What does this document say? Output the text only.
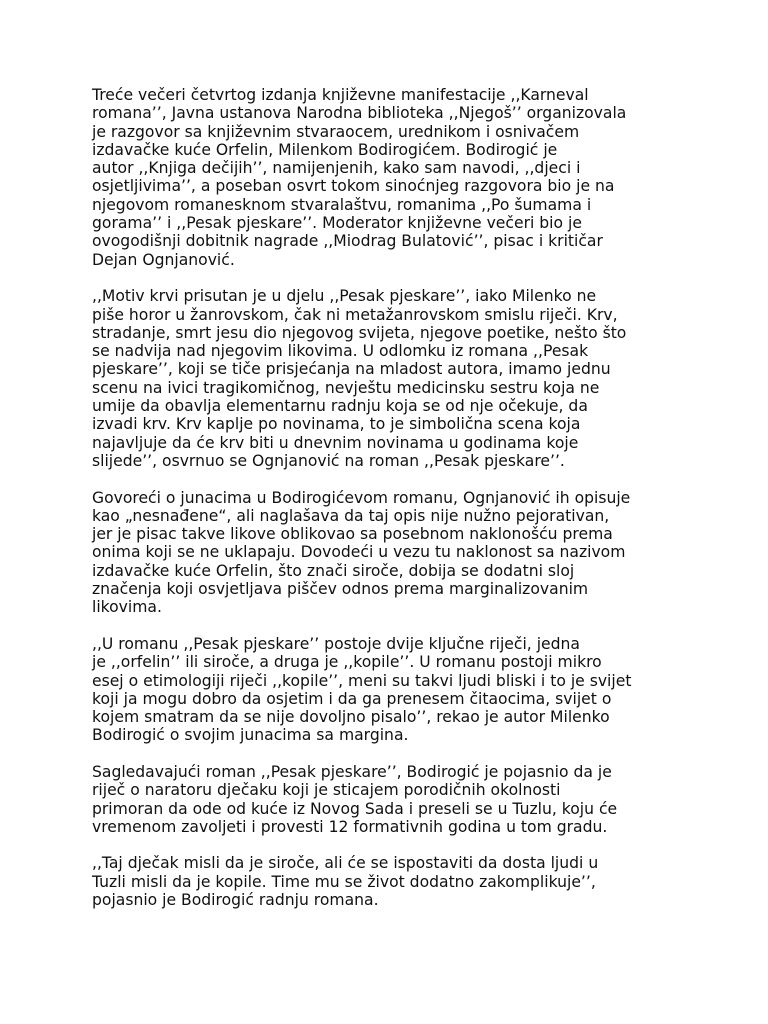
Treće večeri četvrtog izdanja književne manifestacije ,,Karneval
romana’’, Javna ustanova Narodna biblioteka ,,Njegoš’’ organizovala
je razgovor sa književnim stvaraocem, urednikom i osnivačem
izdavačke kuće Orfelin, Milenkom Bodirogićem. Bodirogić je
autor ,,Knjiga dečijih’’, namijenjenih, kako sam navodi, ,,djeci i
osjetljivima’’, a poseban osvrt tokom sinoćnjeg razgovora bio je na
njegovom romanesknom stvaralaštvu, romanima ,,Po šumama i
gorama’’ i ,,Pesak pjeskare’’. Moderator književne večeri bio je
ovogodišnji dobitnik nagrade ,,Miodrag Bulatović’’, pisac i kritičar
Dejan Ognjanović.

,,Motiv krvi prisutan je u djelu ,,Pesak pjeskare’’, iako Milenko ne
piše horor u žanrovskom, čak ni metažanrovskom smislu riječi. Krv,
stradanje, smrt jesu dio njegovog svijeta, njegove poetike, nešto što
se nadvija nad njegovim likovima. U odlomku iz romana ,,Pesak
pjeskare’’, koji se tiče prisjećanja na mladost autora, imamo jednu
scenu na ivici tragikomičnog, nevještu medicinsku sestru koja ne
umije da obavlja elementarnu radnju koja se od nje očekuje, da
izvadi krv. Krv kaplje po novinama, to je simbolična scena koja
najavljuje da će krv biti u dnevnim novinama u godinama koje
slijede’’, osvrnuo se Ognjanović na roman ,,Pesak pjeskare’’.

Govoreći o junacima u Bodirogićevom romanu, Ognjanović ih opisuje
kao „nesnađene“, ali naglašava da taj opis nije nužno pejorativan,
jer je pisac takve likove oblikovao sa posebnom naklonošću prema
onima koji se ne uklapaju. Dovodeći u vezu tu naklonost sa nazivom
izdavačke kuće Orfelin, što znači siroče, dobija se dodatni sloj
značenja koji osvjetljava piščev odnos prema marginalizovanim
likovima.

,,U romanu ,,Pesak pjeskare’’ postoje dvije ključne riječi, jedna
je ,,orfelin’’ ili siroče, a druga je ,,kopile’’. U romanu postoji mikro
esej o etimologiji riječi ,,kopile’’, meni su takvi ljudi bliski i to je svijet
koji ja mogu dobro da osjetim i da ga prenesem čitaocima, svijet o
kojem smatram da se nije dovoljno pisalo’’, rekao je autor Milenko
Bodirogić o svojim junacima sa margina.

Sagledavajući roman ,,Pesak pjeskare’’, Bodirogić je pojasnio da je
riječ o naratoru dječaku koji je sticajem porodičnih okolnosti
primoran da ode od kuće iz Novog Sada i preseli se u Tuzlu, koju će
vremenom zavoljeti i provesti 12 formativnih godina u tom gradu.

,,Taj dječak misli da je siroče, ali će se ispostaviti da dosta ljudi u
Tuzli misli da je kopile. Time mu se život dodatno zakomplikuje’’,
pojasnio je Bodirogić radnju romana.
